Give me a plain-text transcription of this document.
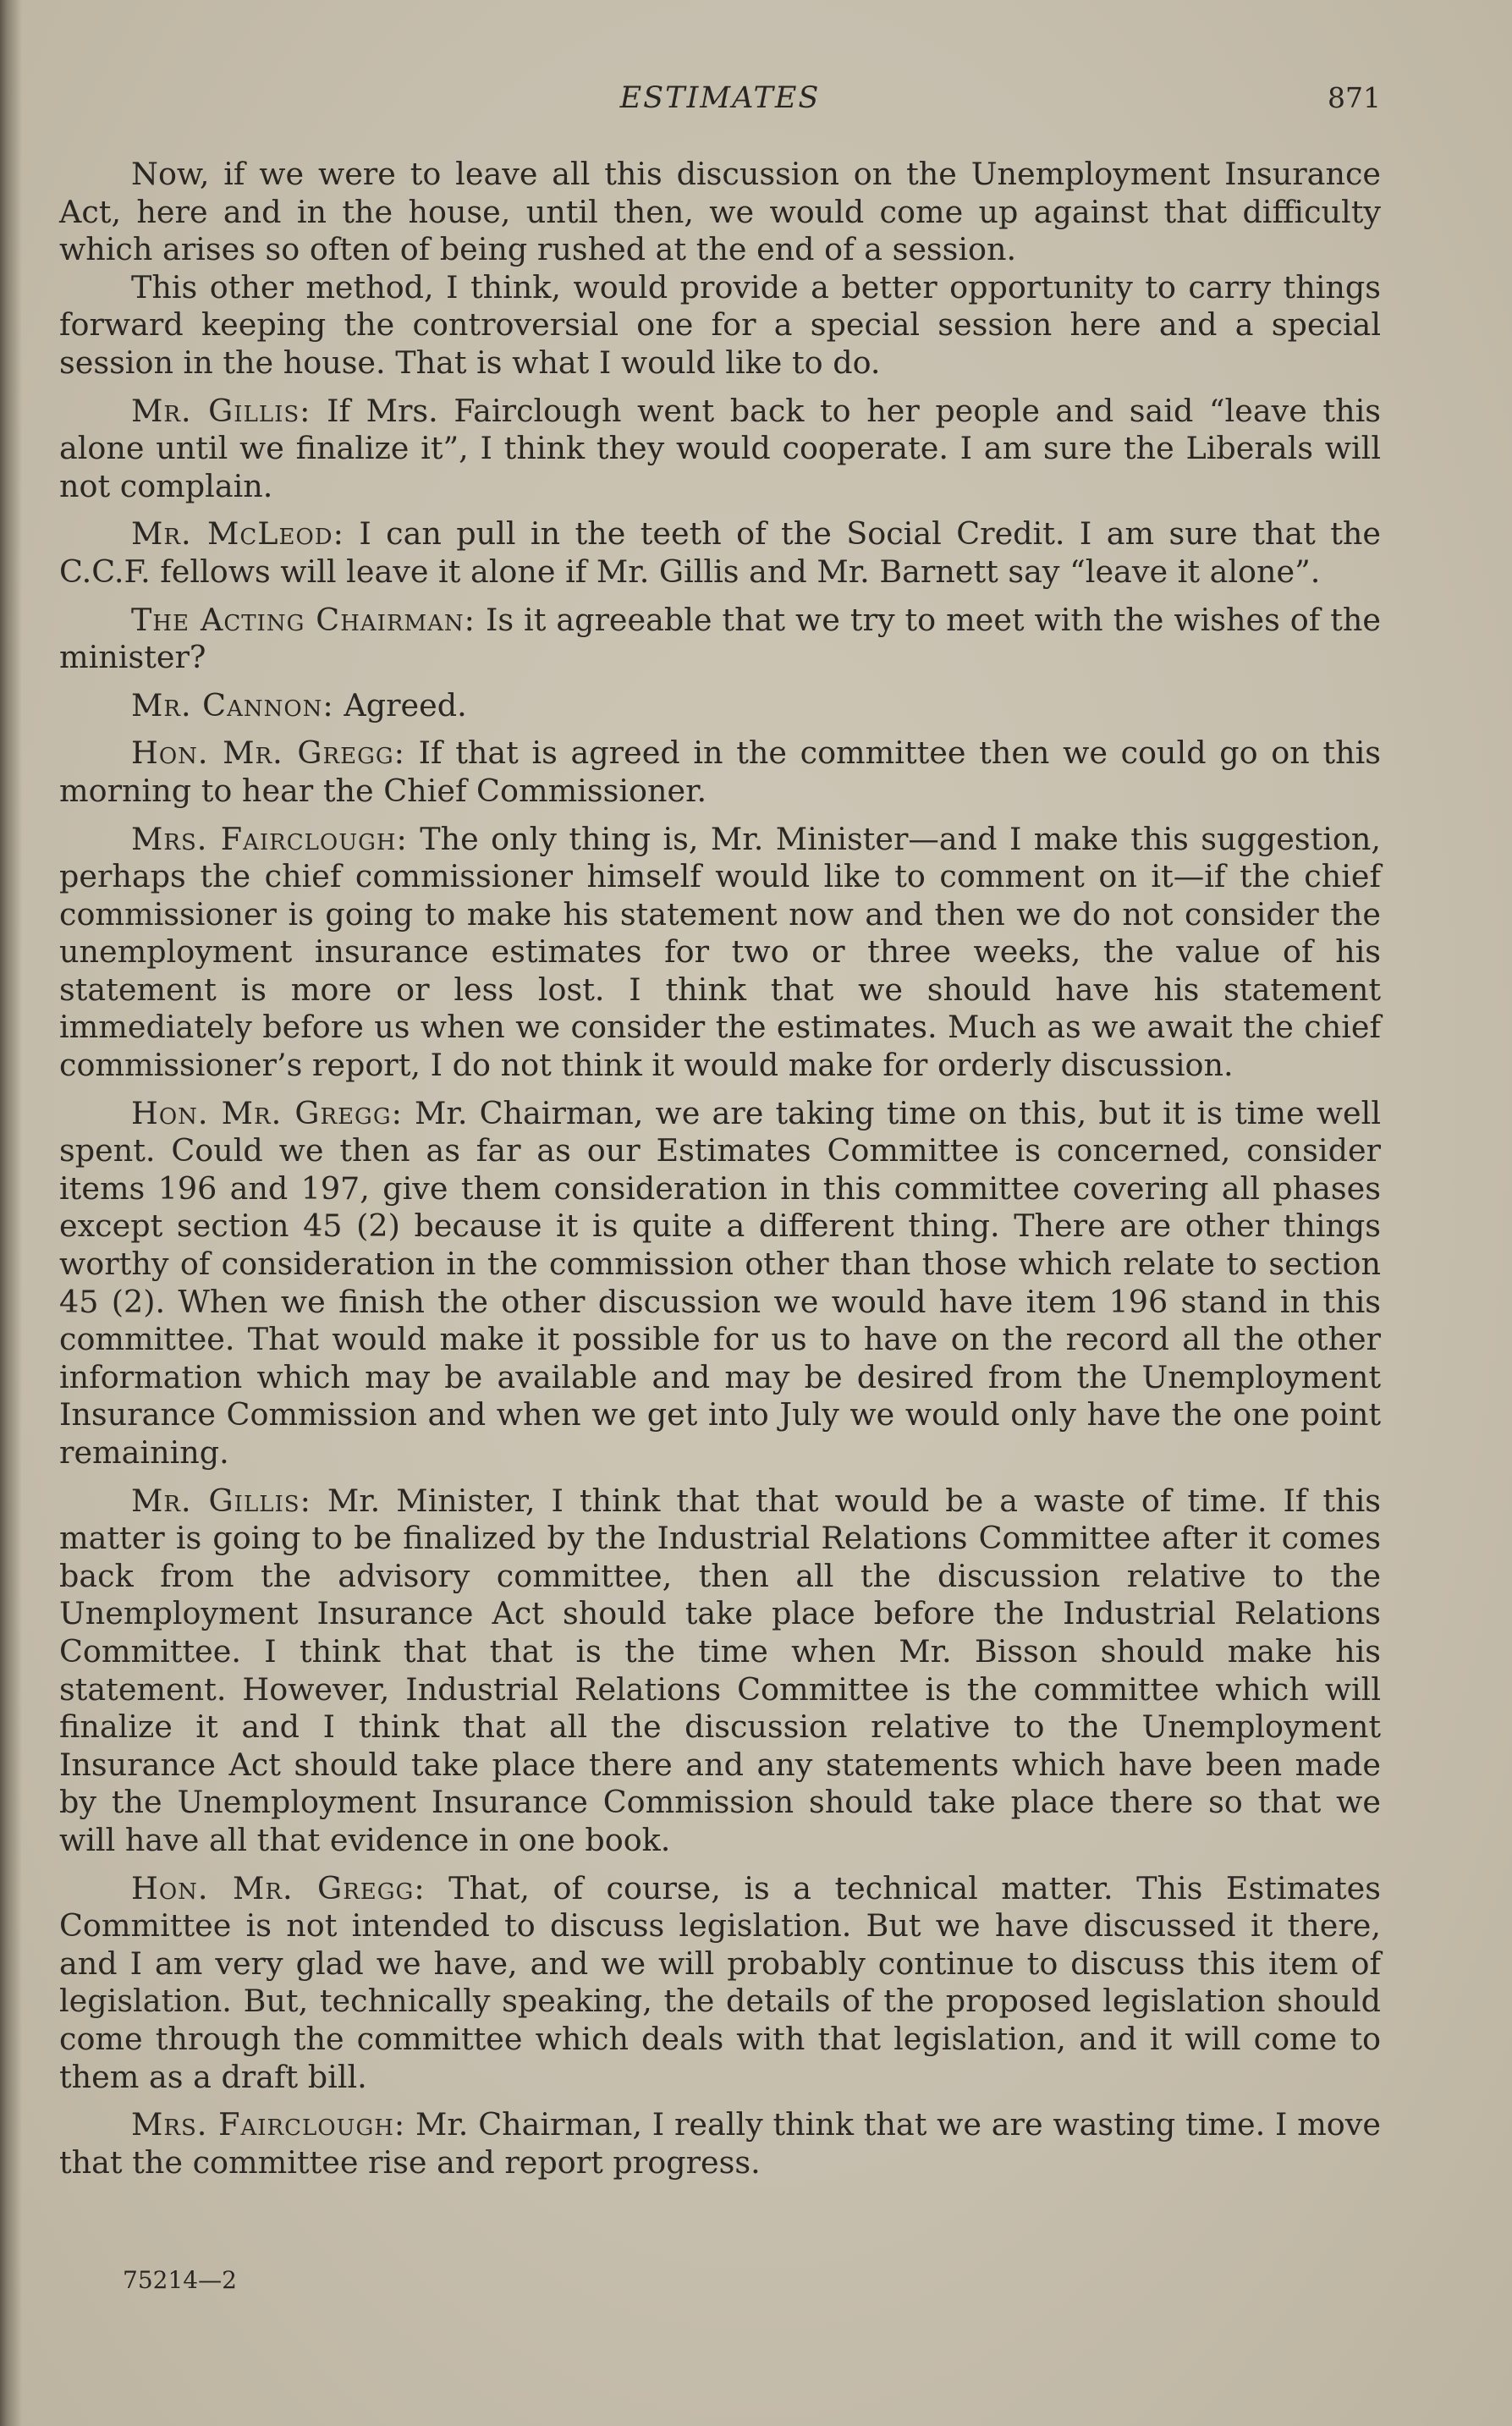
ESTIMATES	871

Now, if we were to leave all this discussion on the Unemployment Insurance Act, here and in the house, until then, we would come up against that difficulty which arises so often of being rushed at the end of a session.

This other method, I think, would provide a better opportunity to carry things forward keeping the controversial one for a special session here and a special session in the house. That is what I would like to do.

Mr. Gillis: If Mrs. Fairclough went back to her people and said “leave this alone until we finalize it”, I think they would cooperate. I am sure the Liberals will not complain.

Mr. McLeod: I can pull in the teeth of the Social Credit. I am sure that the C.C.F. fellows will leave it alone if Mr. Gillis and Mr. Barnett say “leave it alone”.

The Acting Chairman: Is it agreeable that we try to meet with the wishes of the minister?

Mr. Cannon: Agreed.

Hon. Mr. Gregg: If that is agreed in the committee then we could go on this morning to hear the Chief Commissioner.

Mrs. Fairclough: The only thing is, Mr. Minister—and I make this suggestion, perhaps the chief commissioner himself would like to comment on it—if the chief commissioner is going to make his statement now and then we do not consider the unemployment insurance estimates for two or three weeks, the value of his statement is more or less lost. I think that we should have his statement immediately before us when we consider the estimates. Much as we await the chief commissioner’s report, I do not think it would make for orderly discussion.

Hon. Mr. Gregg: Mr. Chairman, we are taking time on this, but it is time well spent. Could we then as far as our Estimates Committee is concerned, consider items 196 and 197, give them consideration in this committee covering all phases except section 45 (2) because it is quite a different thing. There are other things worthy of consideration in the commission other than those which relate to section 45 (2). When we finish the other discussion we would have item 196 stand in this committee. That would make it possible for us to have on the record all the other information which may be available and may be desired from the Unemployment Insurance Commission and when we get into July we would only have the one point remaining.

Mr. Gillis: Mr. Minister, I think that that would be a waste of time. If this matter is going to be finalized by the Industrial Relations Committee after it comes back from the advisory committee, then all the discussion relative to the Unemployment Insurance Act should take place before the Industrial Relations Committee. I think that that is the time when Mr. Bisson should make his statement. However, Industrial Relations Committee is the committee which will finalize it and I think that all the discussion relative to the Unemployment Insurance Act should take place there and any statements which have been made by the Unemployment Insurance Commission should take place there so that we will have all that evidence in one book.

Hon. Mr. Gregg: That, of course, is a technical matter. This Estimates Committee is not intended to discuss legislation. But we have discussed it there, and I am very glad we have, and we will probably continue to discuss this item of legislation. But, technically speaking, the details of the proposed legislation should come through the committee which deals with that legislation, and it will come to them as a draft bill.

Mrs. Fairclough: Mr. Chairman, I really think that we are wasting time. I move that the committee rise and report progress.

75214—2
